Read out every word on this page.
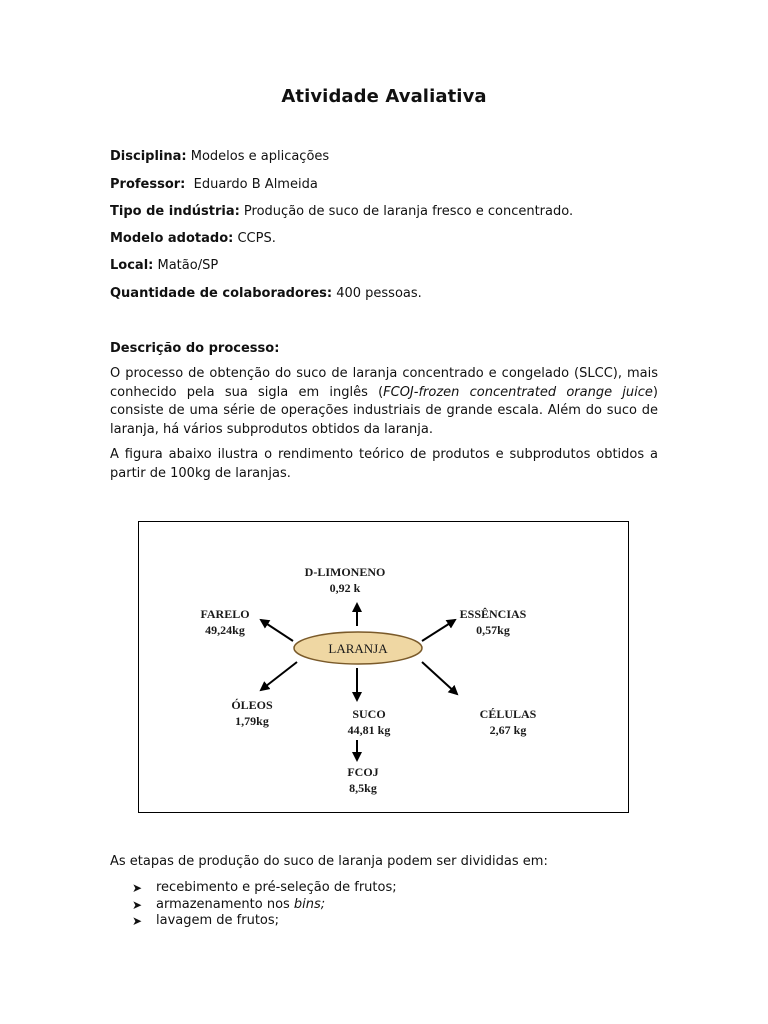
Atividade Avaliativa
Disciplina: Modelos e aplicações
Professor:  Eduardo B Almeida
Tipo de indústria: Produção de suco de laranja fresco e concentrado.
Modelo adotado: CCPS.
Local: Matão/SP
Quantidade de colaboradores: 400 pessoas.
Descrição do processo:

O processo de obtenção do suco de laranja concentrado e congelado (SLCC), mais conhecido pela sua sigla em inglês (FCOJ-frozen concentrated orange juice) consiste de uma série de operações industriais de grande escala. Além do suco de laranja, há vários subprodutos obtidos da laranja.

A figura abaixo ilustra o rendimento teórico de produtos e subprodutos obtidos a partir de 100kg de laranjas.

LARANJA
D-LIMONENO
0,92 k
FARELO
49,24kg
ESSÊNCIAS
0,57kg
ÓLEOS
1,79kg	SUCO
44,81 kg
CÉLULAS
2,67 kg
FCOJ
8,5kg
As etapas de produção do suco de laranja podem ser divididas em:
➤ recebimento e pré-seleção de frutos;
➤ armazenamento nos bins;
➤ lavagem de frutos;
